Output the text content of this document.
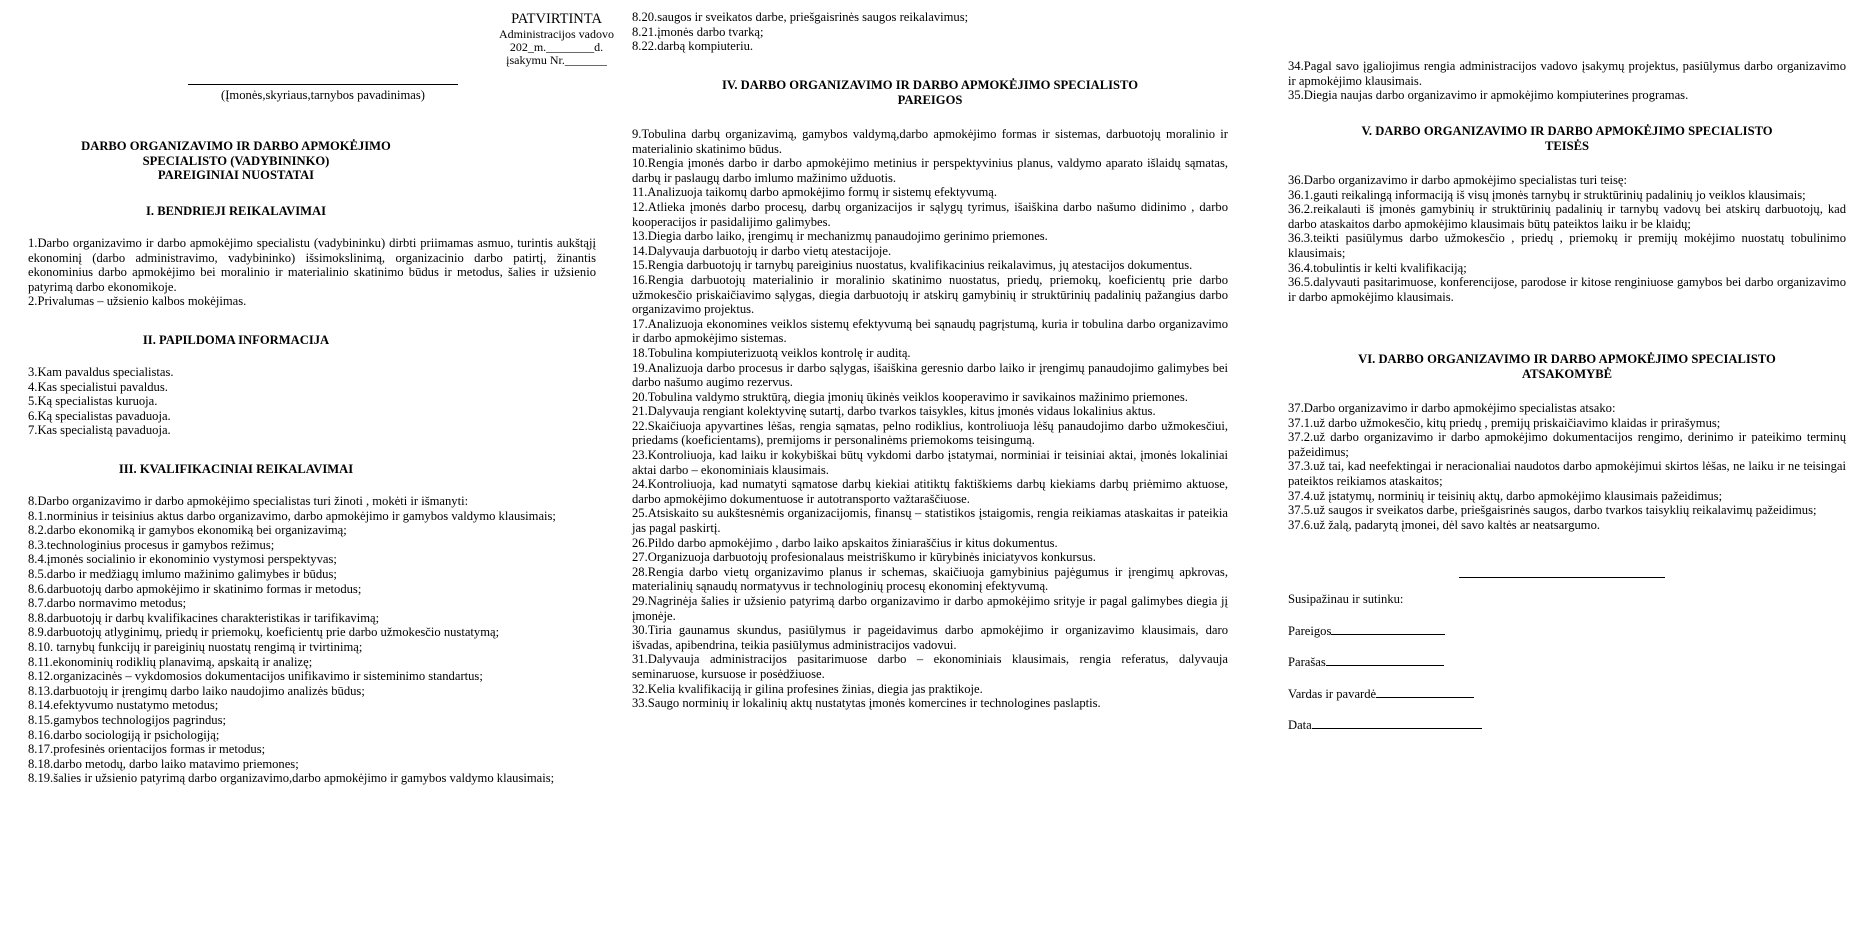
PATVIRTINTA
Administracijos vadovo
202_m.________d.
įsakymu Nr._______
(Įmonės,skyriaus,tarnybos pavadinimas)
DARBO ORGANIZAVIMO IR DARBO APMOKĖJIMO
SPECIALISTO (VADYBININKO)
PAREIGINIAI NUOSTATAI
I. BENDRIEJI REIKALAVIMAI

1.Darbo organizavimo ir darbo apmokėjimo specialistu (vadybininku) dirbti priimamas asmuo, turintis aukštąjį ekonominį (darbo administravimo, vadybininko) išsimokslinimą, organizacinio darbo patirtį, žinantis ekonominius darbo apmokėjimo bei moralinio ir materialinio skatinimo būdus ir metodus, šalies ir užsienio patyrimą darbo ekonomikoje.

2.Privalumas – užsienio kalbos mokėjimas.

II. PAPILDOMA INFORMACIJA

3.Kam pavaldus specialistas.

4.Kas specialistui pavaldus.

5.Ką specialistas kuruoja.

6.Ką specialistas pavaduoja.

7.Kas specialistą pavaduoja.

III. KVALIFIKACINIAI REIKALAVIMAI

8.Darbo organizavimo ir darbo apmokėjimo specialistas turi žinoti , mokėti ir išmanyti:

8.1.norminius ir teisinius aktus darbo organizavimo, darbo apmokėjimo ir gamybos valdymo klausimais;

8.2.darbo ekonomiką ir gamybos ekonomiką bei organizavimą;

8.3.technologinius procesus ir gamybos režimus;

8.4.įmonės socialinio ir ekonominio vystymosi perspektyvas;

8.5.darbo ir medžiagų imlumo mažinimo galimybes ir būdus;

8.6.darbuotojų darbo apmokėjimo ir skatinimo formas ir metodus;

8.7.darbo normavimo metodus;

8.8.darbuotojų ir darbų kvalifikacines charakteristikas ir tarifikavimą;

8.9.darbuotojų atlyginimų, priedų ir priemokų, koeficientų prie darbo užmokesčio nustatymą;

8.10. tarnybų funkcijų ir pareiginių nuostatų rengimą ir tvirtinimą;

8.11.ekonominių rodiklių planavimą, apskaitą ir analizę;

8.12.organizacinės – vykdomosios dokumentacijos unifikavimo ir sisteminimo standartus;

8.13.darbuotojų ir įrengimų darbo laiko naudojimo analizės būdus;

8.14.efektyvumo nustatymo metodus;

8.15.gamybos technologijos pagrindus;

8.16.darbo sociologiją ir psichologiją;

8.17.profesinės orientacijos formas ir metodus;

8.18.darbo metodų, darbo laiko matavimo priemones;

8.19.šalies ir užsienio patyrimą darbo organizavimo,darbo apmokėjimo ir gamybos valdymo klausimais;

8.20.saugos ir sveikatos darbe, priešgaisrinės saugos reikalavimus;

8.21.įmonės darbo tvarką;

8.22.darbą kompiuteriu.

IV. DARBO ORGANIZAVIMO IR DARBO APMOKĖJIMO SPECIALISTO
PAREIGOS

9.Tobulina darbų organizavimą, gamybos valdymą,darbo apmokėjimo formas ir sistemas, darbuotojų moralinio ir materialinio skatinimo būdus.

10.Rengia įmonės darbo ir darbo apmokėjimo metinius ir perspektyvinius planus, valdymo aparato išlaidų sąmatas, darbų ir paslaugų darbo imlumo mažinimo užduotis.

11.Analizuoja taikomų darbo apmokėjimo formų ir sistemų efektyvumą.

12.Atlieka įmonės darbo procesų, darbų organizacijos ir sąlygų tyrimus, išaiškina darbo našumo didinimo , darbo kooperacijos ir pasidalijimo galimybes.

13.Diegia darbo laiko, įrengimų ir mechanizmų panaudojimo gerinimo priemones.

14.Dalyvauja darbuotojų ir darbo vietų atestacijoje.

15.Rengia darbuotojų ir tarnybų pareiginius nuostatus, kvalifikacinius reikalavimus, jų atestacijos dokumentus.

16.Rengia darbuotojų materialinio ir moralinio skatinimo nuostatus, priedų, priemokų, koeficientų prie darbo užmokesčio priskaičiavimo sąlygas, diegia darbuotojų ir atskirų gamybinių ir struktūrinių padalinių pažangius darbo organizavimo projektus.

17.Analizuoja ekonomines veiklos sistemų efektyvumą bei sąnaudų pagrįstumą, kuria ir tobulina darbo organizavimo ir darbo apmokėjimo sistemas.

18.Tobulina kompiuterizuotą veiklos kontrolę ir auditą.

19.Analizuoja darbo procesus ir darbo sąlygas, išaiškina geresnio darbo laiko ir įrengimų panaudojimo galimybes bei darbo našumo augimo rezervus.

20.Tobulina valdymo struktūrą, diegia įmonių ūkinės veiklos kooperavimo ir savikainos mažinimo priemones.

21.Dalyvauja rengiant kolektyvinę sutartį, darbo tvarkos taisykles, kitus įmonės vidaus lokalinius aktus.

22.Skaičiuoja apyvartines lėšas, rengia sąmatas, pelno rodiklius, kontroliuoja lėšų panaudojimo darbo užmokesčiui, priedams (koeficientams), premijoms ir personalinėms priemokoms teisingumą.

23.Kontroliuoja, kad laiku ir kokybiškai būtų vykdomi darbo įstatymai, norminiai ir teisiniai aktai, įmonės lokaliniai aktai darbo – ekonominiais klausimais.

24.Kontroliuoja, kad numatyti sąmatose darbų kiekiai atitiktų faktiškiems darbų kiekiams darbų priėmimo aktuose, darbo apmokėjimo dokumentuose ir autotransporto važtaraščiuose.

25.Atsiskaito su aukštesnėmis organizacijomis, finansų – statistikos įstaigomis, rengia reikiamas ataskaitas ir pateikia jas pagal paskirtį.

26.Pildo darbo apmokėjimo , darbo laiko apskaitos žiniaraščius ir kitus dokumentus.

27.Organizuoja darbuotojų profesionalaus meistriškumo ir kūrybinės iniciatyvos konkursus.

28.Rengia darbo vietų organizavimo planus ir schemas, skaičiuoja gamybinius pajėgumus ir įrengimų apkrovas, materialinių sąnaudų normatyvus ir technologinių procesų ekonominį efektyvumą.

29.Nagrinėja šalies ir užsienio patyrimą darbo organizavimo ir darbo apmokėjimo srityje ir pagal galimybes diegia jį įmonėje.

30.Tiria gaunamus skundus, pasiūlymus ir pageidavimus darbo apmokėjimo ir organizavimo klausimais, daro išvadas, apibendrina, teikia pasiūlymus administracijos vadovui.

31.Dalyvauja administracijos pasitarimuose darbo – ekonominiais klausimais, rengia referatus, dalyvauja seminaruose, kursuose ir posėdžiuose.

32.Kelia kvalifikaciją ir gilina profesines žinias, diegia jas praktikoje.

33.Saugo norminių ir lokalinių aktų nustatytas įmonės komercines ir technologines paslaptis.

34.Pagal savo įgaliojimus rengia administracijos vadovo įsakymų projektus, pasiūlymus darbo organizavimo ir apmokėjimo klausimais.

35.Diegia naujas darbo organizavimo ir apmokėjimo kompiuterines programas.

V. DARBO ORGANIZAVIMO IR DARBO APMOKĖJIMO SPECIALISTO
TEISĖS

36.Darbo organizavimo ir darbo apmokėjimo specialistas turi teisę:

36.1.gauti reikalingą informaciją iš visų įmonės tarnybų ir struktūrinių padalinių jo veiklos klausimais;

36.2.reikalauti iš įmonės gamybinių ir struktūrinių padalinių ir tarnybų vadovų bei atskirų darbuotojų, kad darbo ataskaitos darbo apmokėjimo klausimais būtų pateiktos laiku ir be klaidų;

36.3.teikti pasiūlymus darbo užmokesčio , priedų , priemokų ir premijų mokėjimo nuostatų tobulinimo klausimais;

36.4.tobulintis ir kelti kvalifikaciją;

36.5.dalyvauti pasitarimuose, konferencijose, parodose ir kitose renginiuose gamybos bei darbo organizavimo ir darbo apmokėjimo klausimais.

VI. DARBO ORGANIZAVIMO IR DARBO APMOKĖJIMO SPECIALISTO
ATSAKOMYBĖ

37.Darbo organizavimo ir darbo apmokėjimo specialistas atsako:

37.1.už darbo užmokesčio, kitų priedų , premijų priskaičiavimo klaidas ir prirašymus;

37.2.už darbo organizavimo ir darbo apmokėjimo dokumentacijos rengimo, derinimo ir pateikimo terminų pažeidimus;

37.3.už tai, kad neefektingai ir neracionaliai naudotos darbo apmokėjimui skirtos lėšas, ne laiku ir ne teisingai pateiktos reikiamos ataskaitos;

37.4.už įstatymų, norminių ir teisinių aktų, darbo apmokėjimo klausimais pažeidimus;

37.5.už saugos ir sveikatos darbe, priešgaisrinės saugos, darbo tvarkos taisyklių reikalavimų pažeidimus;

37.6.už žalą, padarytą įmonei, dėl savo kaltės ar neatsargumo.

Susipažinau ir sutinku:
Pareigos
Parašas
Vardas ir pavardė
Data
